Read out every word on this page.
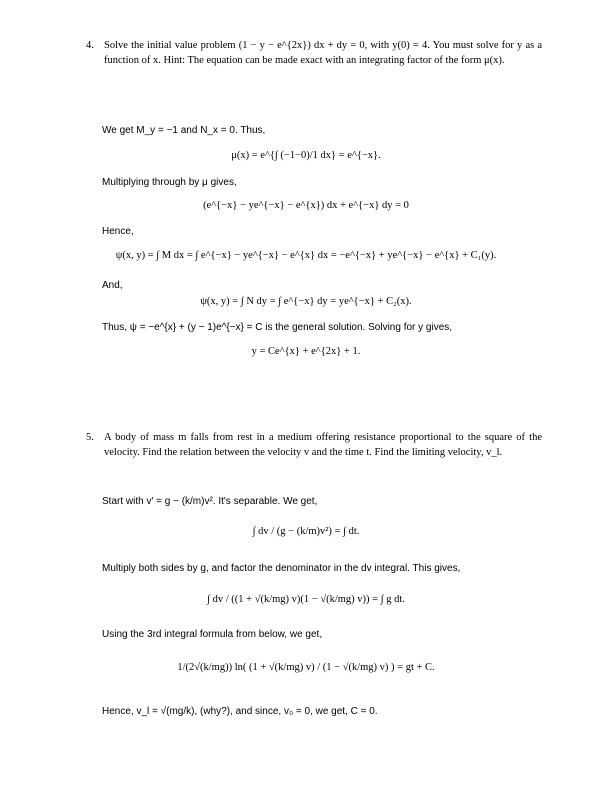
4. Solve the initial value problem (1 − y − e^{2x}) dx + dy = 0, with y(0) = 4. You must solve for y as a function of x. Hint: The equation can be made exact with an integrating factor of the form μ(x).
We get M_y = −1 and N_x = 0. Thus,
μ(x) = e^{∫ (−1−0)/1 dx} = e^{−x}.
Multiplying through by μ gives,
(e^{−x} − ye^{−x} − e^{x}) dx + e^{−x} dy = 0
Hence,
ψ(x, y) = ∫ M dx = ∫ e^{−x} − ye^{−x} − e^{x} dx = −e^{−x} + ye^{−x} − e^{x} + C₁(y).
And,
ψ(x, y) = ∫ N dy = ∫ e^{−x} dy = ye^{−x} + C₂(x).
Thus, ψ = −e^{x} + (y − 1)e^{−x} = C is the general solution. Solving for y gives,
y = Ce^{x} + e^{2x} + 1.
5. A body of mass m falls from rest in a medium offering resistance proportional to the square of the velocity. Find the relation between the velocity v and the time t. Find the limiting velocity, v_l.
Start with v′ = g − (k/m)v². It's separable. We get,
∫ dv / (g − (k/m)v²) = ∫ dt.
Multiply both sides by g, and factor the denominator in the dv integral. This gives,
∫ dv / ((1 + √(k/mg) v)(1 − √(k/mg) v)) = ∫ g dt.
Using the 3rd integral formula from below, we get,
1/(2√(k/mg)) ln( (1 + √(k/mg) v) / (1 − √(k/mg) v) ) = gt + C.
Hence, v_l = √(mg/k), (why?), and since, v₀ = 0, we get, C = 0.
